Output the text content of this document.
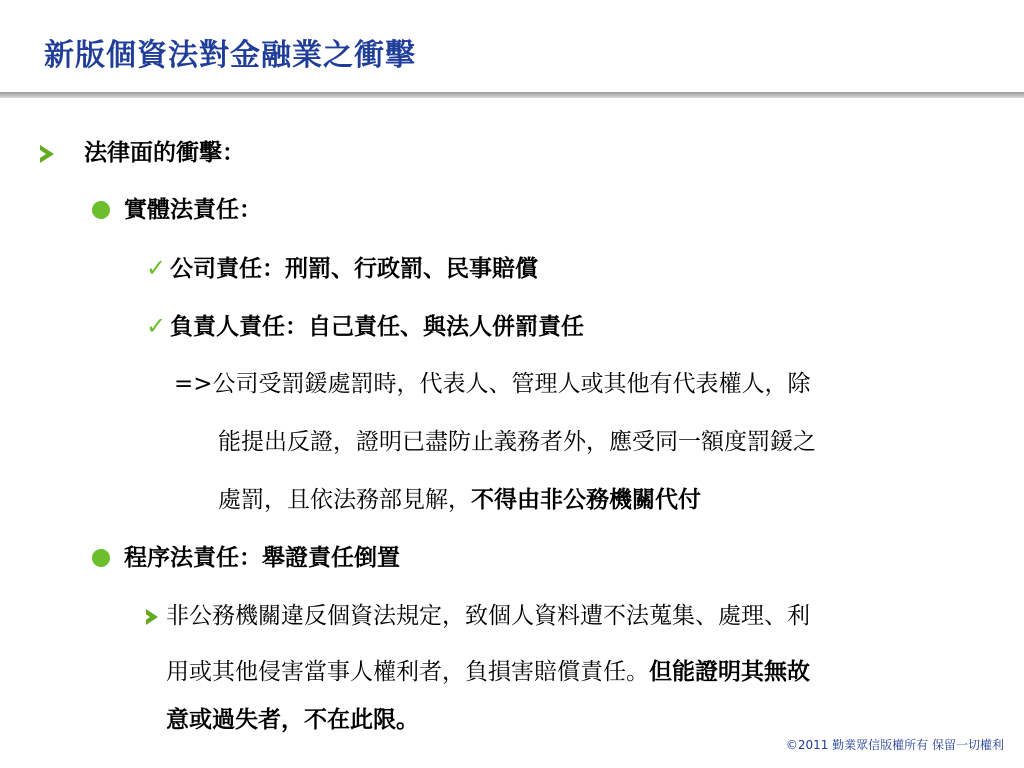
新版個資法對金融業之衝擊
法律面的衝擊：
實體法責任：
✓ 公司責任：刑罰、行政罰、民事賠償
✓ 負責人責任：自己責任、與法人併罰責任
=>公司受罰鍰處罰時，代表人、管理人或其他有代表權人，除
能提出反證，證明已盡防止義務者外，應受同一額度罰鍰之
處罰，且依法務部見解，不得由非公務機關代付
程序法責任：舉證責任倒置
非公務機關違反個資法規定，致個人資料遭不法蒐集、處理、利
用或其他侵害當事人權利者，負損害賠償責任。但能證明其無故
意或過失者，不在此限。
©2011 勤業眾信版權所有 保留一切權利
